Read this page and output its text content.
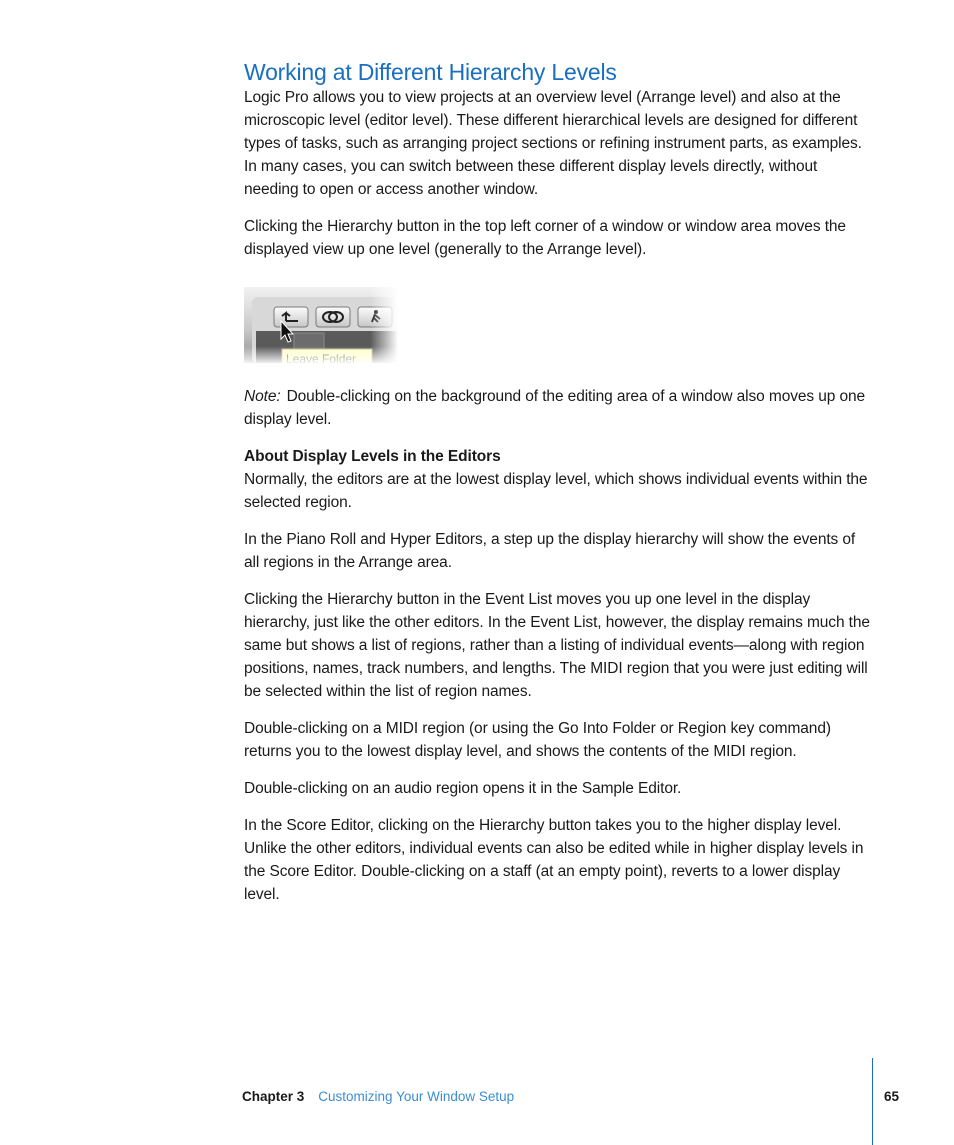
Working at Different Hierarchy Levels

Logic Pro allows you to view projects at an overview level (Arrange level) and also at the microscopic level (editor level). These different hierarchical levels are designed for different types of tasks, such as arranging project sections or refining instrument parts, as examples. In many cases, you can switch between these different display levels directly, without needing to open or access another window.

Clicking the Hierarchy button in the top left corner of a window or window area moves the displayed view up one level (generally to the Arrange level).

Note: Double-clicking on the background of the editing area of a window also moves up one display level.

About Display Levels in the Editors

Normally, the editors are at the lowest display level, which shows individual events within the selected region.

In the Piano Roll and Hyper Editors, a step up the display hierarchy will show the events of all regions in the Arrange area.

Clicking the Hierarchy button in the Event List moves you up one level in the display hierarchy, just like the other editors. In the Event List, however, the display remains much the same but shows a list of regions, rather than a listing of individual events—along with region positions, names, track numbers, and lengths. The MIDI region that you were just editing will be selected within the list of region names.

Double-clicking on a MIDI region (or using the Go Into Folder or Region key command) returns you to the lowest display level, and shows the contents of the MIDI region.

Double-clicking on an audio region opens it in the Sample Editor.

In the Score Editor, clicking on the Hierarchy button takes you to the higher display level. Unlike the other editors, individual events can also be edited while in higher display levels in the Score Editor. Double-clicking on a staff (at an empty point), reverts to a lower display level.

Chapter 3 Customizing Your Window Setup	65
